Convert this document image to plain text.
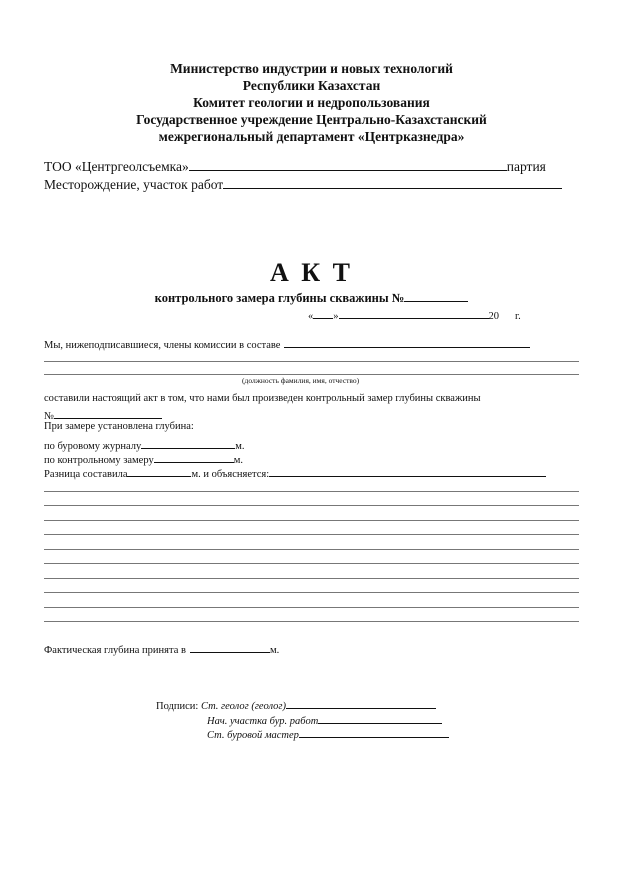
Министерство индустрии и новых технологий
Республики Казахстан
Комитет геологии и недропользования
Государственное учреждение Центрально-Казахстанский
межрегиональный департамент «Центрказнедра»
ТОО «Центргеолсъемка»	партия
Месторождение, участок работ
А К Т
контрольного замера глубины скважины №
« »	20 г.
Мы, нижеподписавшиеся, члены комиссии в составе
(должность фамилия, имя, отчество)
составили настоящий акт в том, что нами был произведен контрольный замер глубины скважины
№
При замере установлена глубина:
по буровому журналу	м.
по контрольному замеру	м.
Разница составила	м. и объясняется:
Фактическая глубина принята в	м.
Подписи: Ст. геолог (геолог)
Нач. участка бур. работ
Ст. буровой мастер
